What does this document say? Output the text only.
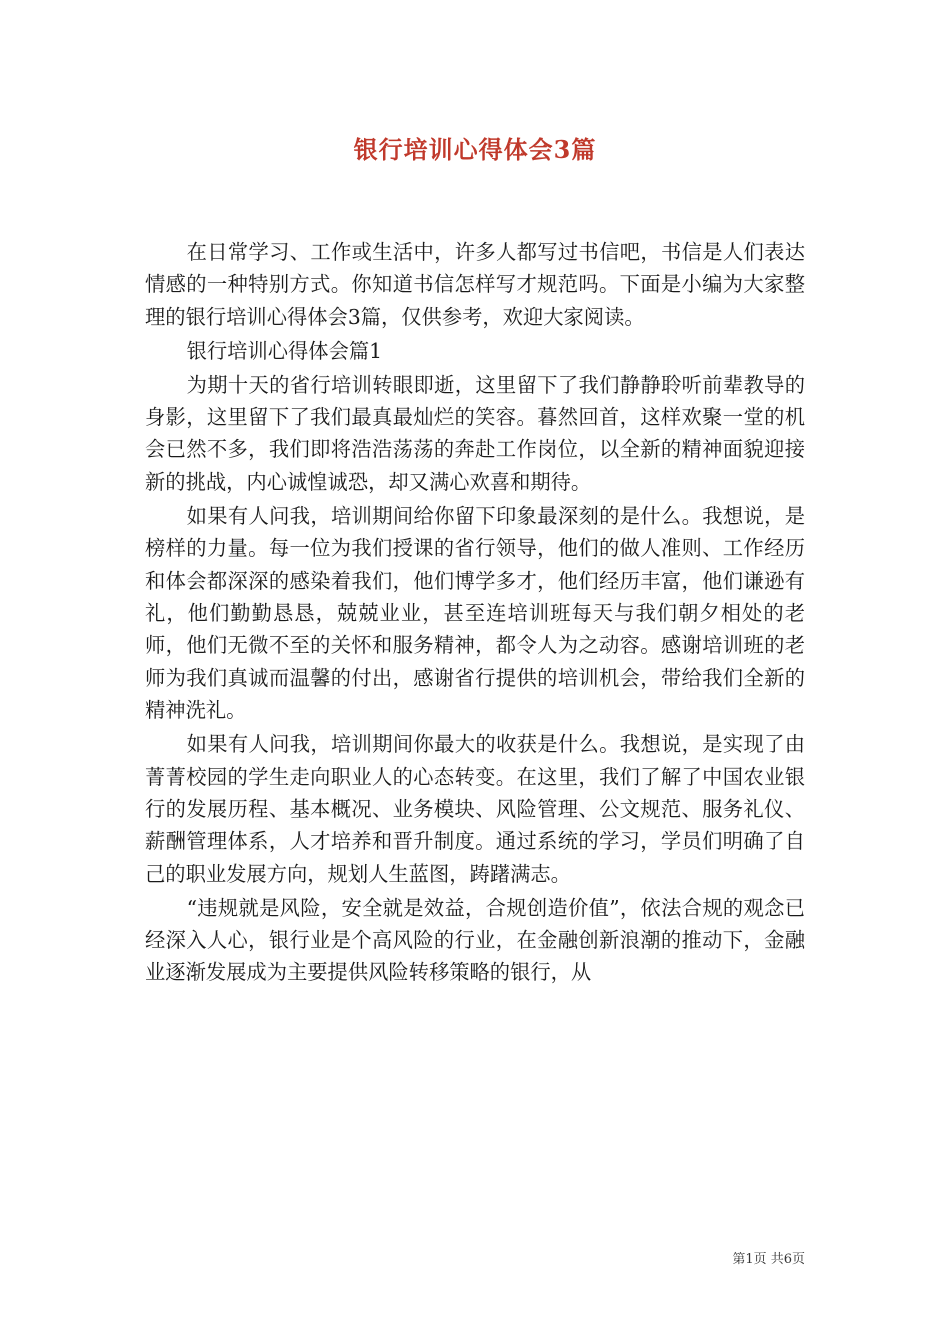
银行培训心得体会3篇

在日常学习、工作或生活中，许多人都写过书信吧，书信是人们表达情感的一种特别方式。你知道书信怎样写才规范吗。下面是小编为大家整理的银行培训心得体会3篇，仅供参考，欢迎大家阅读。

银行培训心得体会篇1

为期十天的省行培训转眼即逝，这里留下了我们静静聆听前辈教导的身影，这里留下了我们最真最灿烂的笑容。暮然回首，这样欢聚一堂的机会已然不多，我们即将浩浩荡荡的奔赴工作岗位，以全新的精神面貌迎接新的挑战，内心诚惶诚恐，却又满心欢喜和期待。

如果有人问我，培训期间给你留下印象最深刻的是什么。我想说，是榜样的力量。每一位为我们授课的省行领导，他们的做人准则、工作经历和体会都深深的感染着我们，他们博学多才，他们经历丰富，他们谦逊有礼，他们勤勤恳恳，兢兢业业，甚至连培训班每天与我们朝夕相处的老师，他们无微不至的关怀和服务精神，都令人为之动容。感谢培训班的老师为我们真诚而温馨的付出，感谢省行提供的培训机会，带给我们全新的精神洗礼。

如果有人问我，培训期间你最大的收获是什么。我想说，是实现了由菁菁校园的学生走向职业人的心态转变。在这里，我们了解了中国农业银行的发展历程、基本概况、业务模块、风险管理、公文规范、服务礼仪、薪酬管理体系，人才培养和晋升制度。通过系统的学习，学员们明确了自己的职业发展方向，规划人生蓝图，踌躇满志。

“违规就是风险，安全就是效益，合规创造价值”，依法合规的观念已经深入人心，银行业是个高风险的行业，在金融创新浪潮的推动下，金融业逐渐发展成为主要提供风险转移策略的银行，从

第1页 共6页
